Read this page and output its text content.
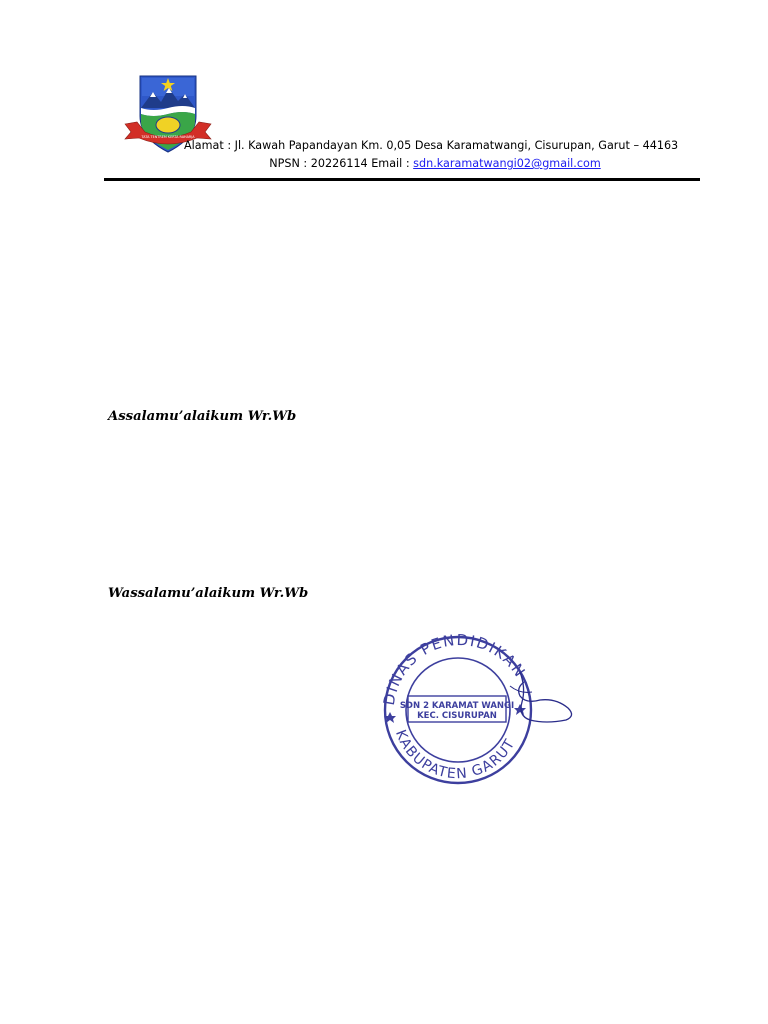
TATA TENTREM KERTA RAHARJA
Alamat : Jl. Kawah Papandayan Km. 0,05 Desa Karamatwangi, Cisurupan, Garut – 44163
NPSN : 20226114 Email : sdn.karamatwangi02@gmail.com
Assalamu’alaikum Wr.Wb
Wassalamu’alaikum Wr.Wb
DINAS PENDIDIKAN
KABUPATEN GARUT
SDN 2 KARAMAT WANGI
KEC. CISURUPAN
